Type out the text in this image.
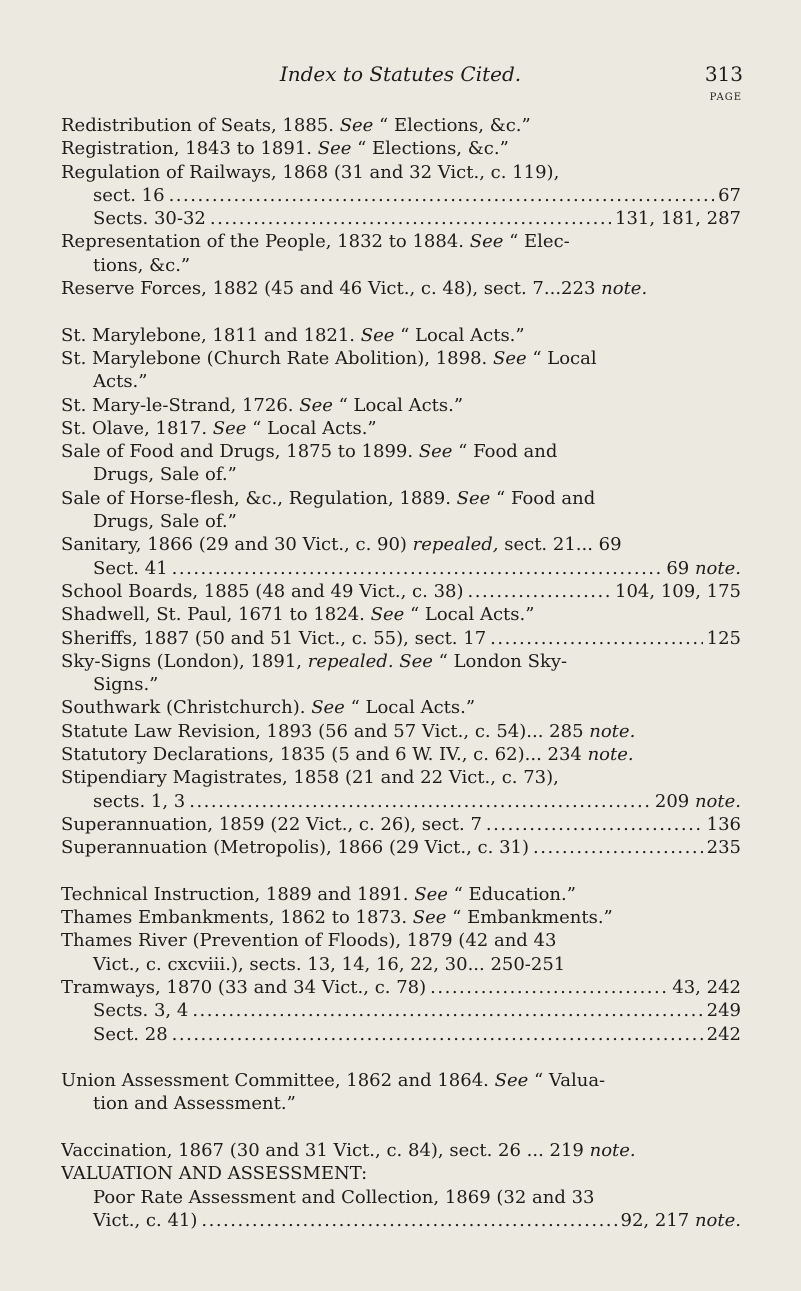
Index to Statutes Cited.	313
PAGE
Redistribution of Seats, 1885. See “ Elections, &c.”
Registration, 1843 to 1891. See “ Elections, &c.”
Regulation of Railways, 1868 (31 and 32 Vict., c. 119),
sect. 16 .....	67
Sects. 30-32 .....	131, 181, 287
Representation of the People, 1832 to 1884. See “ Elec-
tions, &c.”
Reserve Forces, 1882 (45 and 46 Vict., c. 48), sect. 7...223 note.
St. Marylebone, 1811 and 1821. See “ Local Acts.”
St. Marylebone (Church Rate Abolition), 1898. See “ Local
Acts.”
St. Mary-le-Strand, 1726. See “ Local Acts.”
St. Olave, 1817. See “ Local Acts.”
Sale of Food and Drugs, 1875 to 1899. See “ Food and
Drugs, Sale of.”
Sale of Horse-flesh, &c., Regulation, 1889. See “ Food and
Drugs, Sale of.”
Sanitary, 1866 (29 and 30 Vict., c. 90) repealed, sect. 21... 69
Sect. 41 .....	69 note.
School Boards, 1885 (48 and 49 Vict., c. 38) .....	104, 109, 175
Shadwell, St. Paul, 1671 to 1824. See “ Local Acts.”
Sheriffs, 1887 (50 and 51 Vict., c. 55), sect. 17 .....	125
Sky-Signs (London), 1891, repealed. See “ London Sky-
Signs.”
Southwark (Christchurch). See “ Local Acts.”
Statute Law Revision, 1893 (56 and 57 Vict., c. 54)... 285 note.
Statutory Declarations, 1835 (5 and 6 W. IV., c. 62)... 234 note.
Stipendiary Magistrates, 1858 (21 and 22 Vict., c. 73),
sects. 1, 3 .....	209 note.
Superannuation, 1859 (22 Vict., c. 26), sect. 7 .....	136
Superannuation (Metropolis), 1866 (29 Vict., c. 31) .....	235
Technical Instruction, 1889 and 1891. See “ Education.”
Thames Embankments, 1862 to 1873. See “ Embankments.”
Thames River (Prevention of Floods), 1879 (42 and 43
Vict., c. cxcviii.), sects. 13, 14, 16, 22, 30... 250-251
Tramways, 1870 (33 and 34 Vict., c. 78) .....	43, 242
Sects. 3, 4 .....	249
Sect. 28 .....	242
Union Assessment Committee, 1862 and 1864. See “ Valua-
tion and Assessment.”
Vaccination, 1867 (30 and 31 Vict., c. 84), sect. 26 ... 219 note.
VALUATION AND ASSESSMENT:
Poor Rate Assessment and Collection, 1869 (32 and 33
Vict., c. 41) .....	92, 217 note.
